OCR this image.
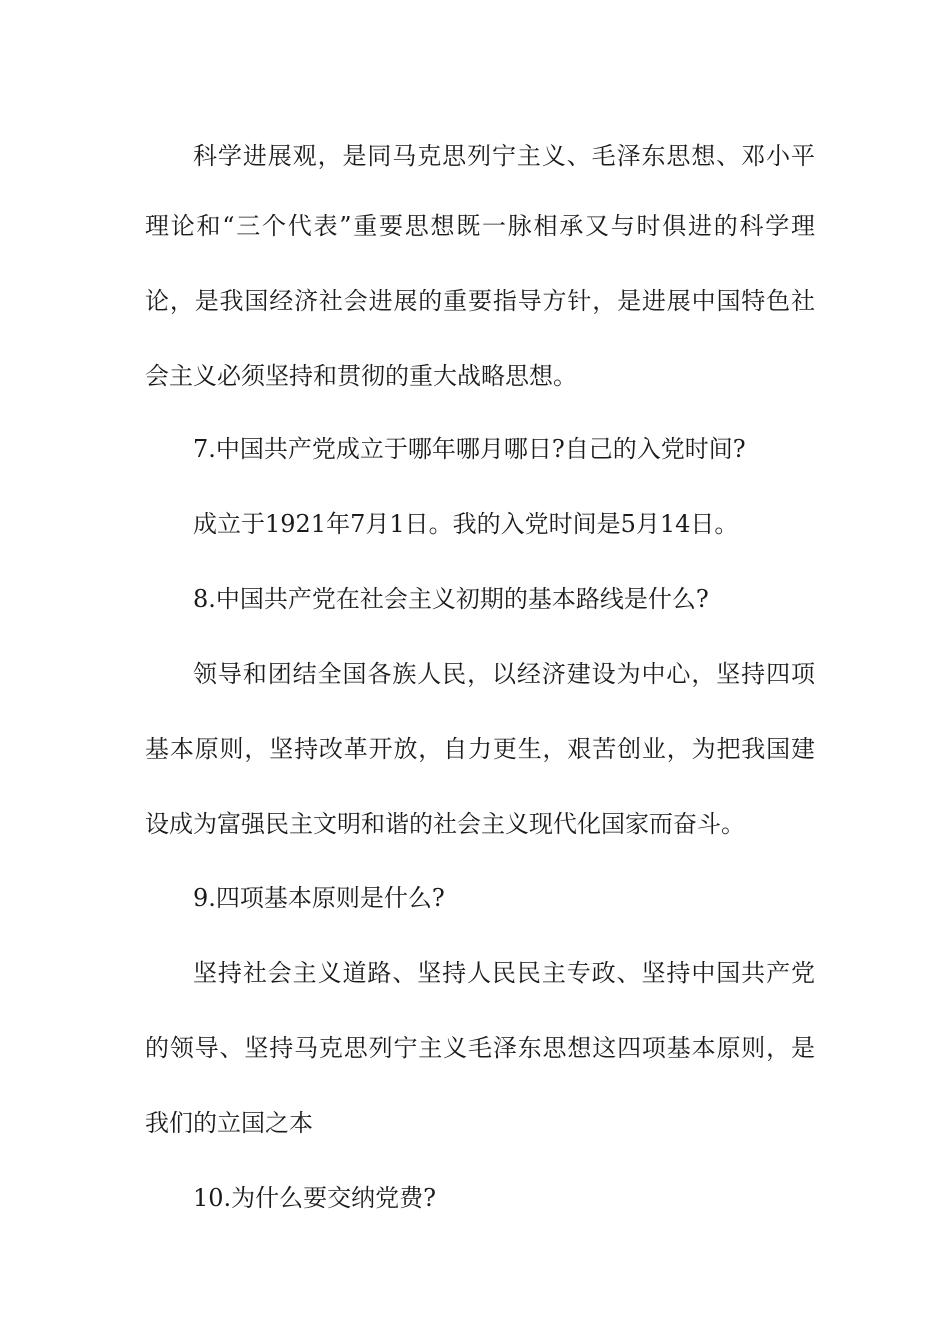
科学进展观，是同马克思列宁主义、毛泽东思想、邓小平
理论和“三个代表”重要思想既一脉相承又与时俱进的科学理
论，是我国经济社会进展的重要指导方针，是进展中国特色社
会主义必须坚持和贯彻的重大战略思想。
7.中国共产党成立于哪年哪月哪日?自己的入党时间?
成立于1921年7月1日。我的入党时间是5月14日。
8.中国共产党在社会主义初期的基本路线是什么?
领导和团结全国各族人民，以经济建设为中心，坚持四项
基本原则，坚持改革开放，自力更生，艰苦创业，为把我国建
设成为富强民主文明和谐的社会主义现代化国家而奋斗。
9.四项基本原则是什么?
坚持社会主义道路、坚持人民民主专政、坚持中国共产党
的领导、坚持马克思列宁主义毛泽东思想这四项基本原则，是
我们的立国之本
10.为什么要交纳党费?
